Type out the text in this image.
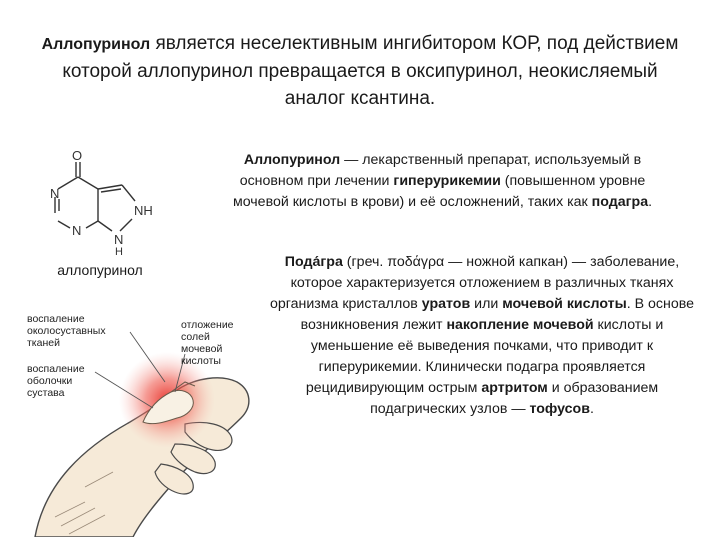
Аллопуринол является неселективным ингибитором КОР, под действием которой аллопуринол превращается в оксипуринол, неокисляемый аналог ксантина.
O
N
N
NH
N
H
аллопуринол
Аллопуринол — лекарственный препарат, используемый в основном при лечении гиперурикемии (повышенном уровне мочевой кислоты в крови) и её осложнений, таких как подагра.
Пода́гра (греч. ποδάγρα — ножной капкан) — заболевание, которое характеризуется отложением в различных тканях организма кристаллов уратов или мочевой кислоты. В основе возникновения лежит накопление мочевой кислоты и уменьшение её выведения почками, что приводит к гиперурикемии. Клинически подагра проявляется рецидивирующим острым артритом и образованием подагрических узлов — тофусов.
воспаление околосуставных тканей
отложение солей мочевой кислоты
воспаление оболочки сустава
